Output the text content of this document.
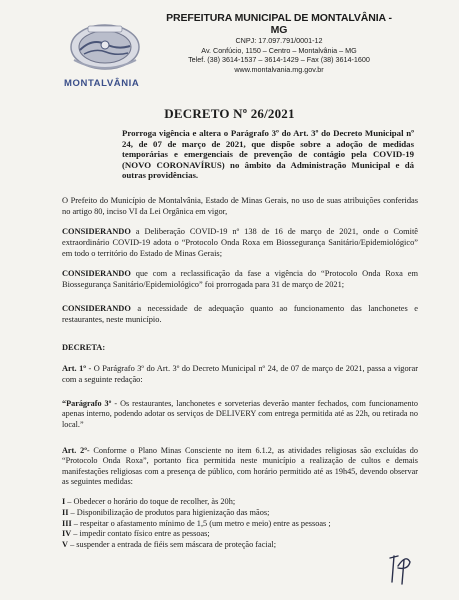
MONTALVÂNIA
PREFEITURA MUNICIPAL DE MONTALVÂNIA - MG
CNPJ: 17.097.791/0001-12
Av. Confúcio, 1150 – Centro – Montalvânia – MG
Telef. (38) 3614-1537 – 3614-1429 – Fax (38) 3614-1600
www.montalvania.mg.gov.br
DECRETO Nº 26/2021
Prorroga vigência e altera o Parágrafo 3º do Art. 3º do Decreto Municipal nº 24, de 07 de março de 2021, que dispõe sobre a adoção de medidas temporárias e emergenciais de prevenção de contágio pela COVID-19 (NOVO CORONAVÍRUS) no âmbito da Administração Municipal e dá outras providências.
O Prefeito do Município de Montalvânia, Estado de Minas Gerais, no uso de suas atribuições conferidas no artigo 80, inciso VI da Lei Orgânica em vigor,
CONSIDERANDO a Deliberação COVID-19 nº 138 de 16 de março de 2021, onde o Comitê extraordinário COVID-19 adota o “Protocolo Onda Roxa em Biossegurança Sanitário/Epidemiológico” em todo o território do Estado de Minas Gerais;
CONSIDERANDO que com a reclassificação da fase a vigência do “Protocolo Onda Roxa em Biossegurança Sanitário/Epidemiológico” foi prorrogada para 31 de março de 2021;
CONSIDERANDO a necessidade de adequação quanto ao funcionamento das lanchonetes e restaurantes, neste município.
DECRETA:
Art. 1º - O Parágrafo 3º do Art. 3º do Decreto Municipal nº 24, de 07 de março de 2021, passa a vigorar com a seguinte redação:
“Parágrafo 3º - Os restaurantes, lanchonetes e sorveterias deverão manter fechados, com funcionamento apenas interno, podendo adotar os serviços de DELIVERY com entrega permitida até as 22h, ou retirada no local.”
Art. 2º- Conforme o Plano Minas Consciente no item 6.1.2, as atividades religiosas são excluídas do “Protocolo Onda Roxa”, portanto fica permitida neste município a realização de cultos e demais manifestações religiosas com a presença de público, com horário permitido até as 19h45, devendo observar as seguintes medidas:
I – Obedecer o horário do toque de recolher, às 20h;
II – Disponibilização de produtos para higienização das mãos;
III – respeitar o afastamento mínimo de 1,5 (um metro e meio) entre as pessoas ;
IV – impedir contato físico entre as pessoas;
V – suspender a entrada de fiéis sem máscara de proteção facial;
